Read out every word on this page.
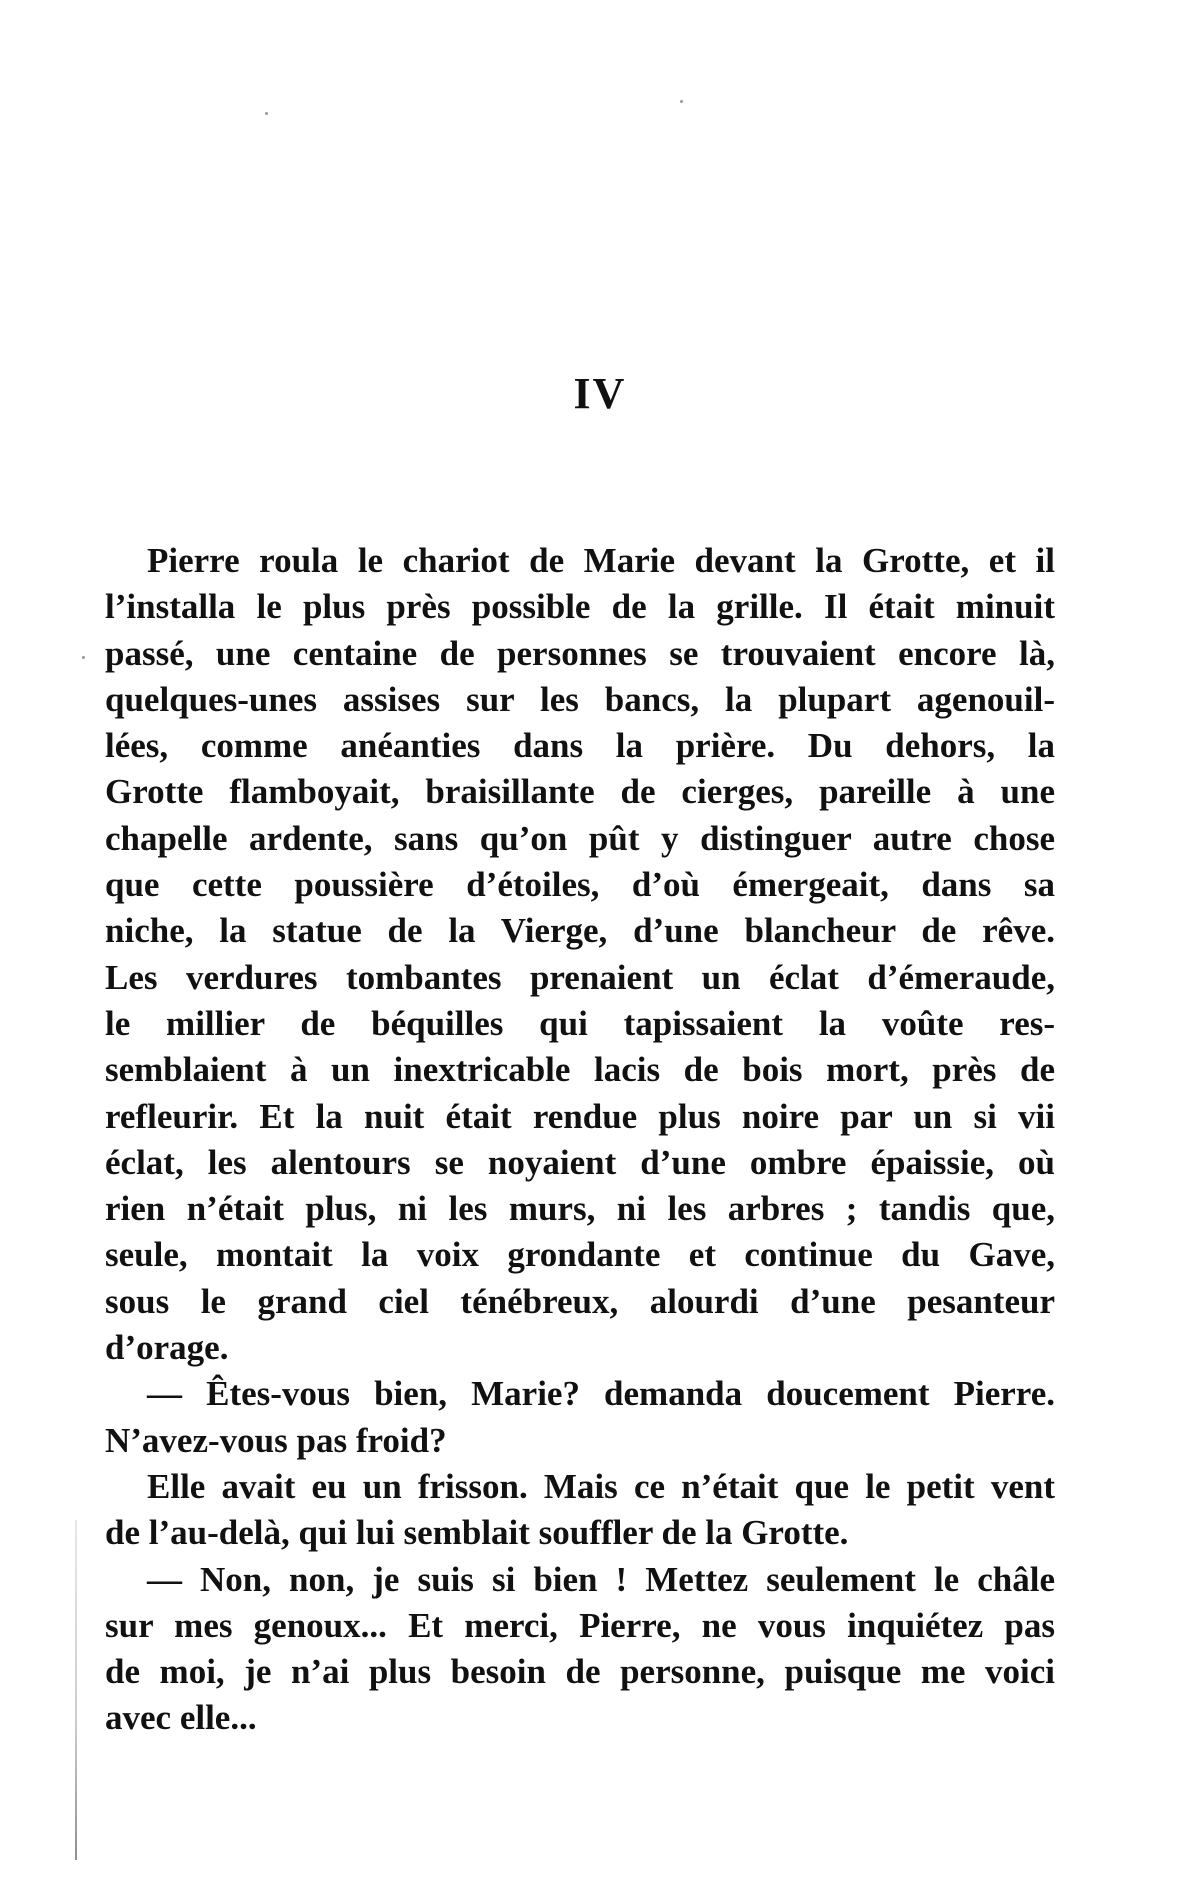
IV

Pierre roula le chariot de Marie devant la Grotte, et il
l’installa le plus près possible de la grille. Il était minuit
passé, une centaine de personnes se trouvaient encore là,
quelques-unes assises sur les bancs, la plupart agenouil-
lées, comme anéanties dans la prière. Du dehors, la
Grotte flamboyait, braisillante de cierges, pareille à une
chapelle ardente, sans qu’on pût y distinguer autre chose
que cette poussière d’étoiles, d’où émergeait, dans sa
niche, la statue de la Vierge, d’une blancheur de rêve.
Les verdures tombantes prenaient un éclat d’émeraude,
le millier de béquilles qui tapissaient la voûte res-
semblaient à un inextricable lacis de bois mort, près de
refleurir. Et la nuit était rendue plus noire par un si vii
éclat, les alentours se noyaient d’une ombre épaissie, où
rien n’était plus, ni les murs, ni les arbres ; tandis que,
seule, montait la voix grondante et continue du Gave,
sous le grand ciel ténébreux, alourdi d’une pesanteur
d’orage.

— Êtes-vous bien, Marie? demanda doucement Pierre.
N’avez-vous pas froid?

Elle avait eu un frisson. Mais ce n’était que le petit vent
de l’au-delà, qui lui semblait souffler de la Grotte.

— Non, non, je suis si bien ! Mettez seulement le châle
sur mes genoux... Et merci, Pierre, ne vous inquiétez pas
de moi, je n’ai plus besoin de personne, puisque me voici
avec elle...
